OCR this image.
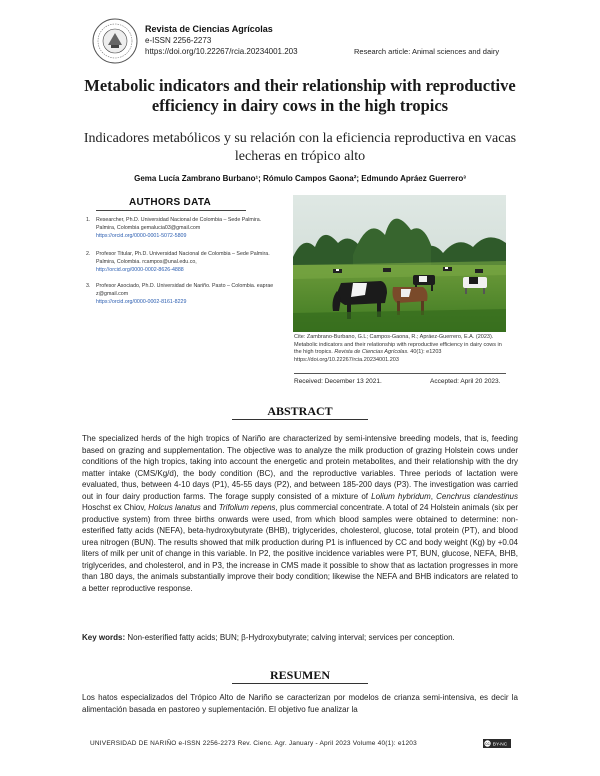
Revista de Ciencias Agrícolas
e-ISSN 2256-2273
https://doi.org/10.22267/rcia.20234001.203	Research article: Animal sciences and dairy
Metabolic indicators and their relationship with reproductive efficiency in dairy cows in the high tropics
Indicadores metabólicos y su relación con la eficiencia reproductiva en vacas lecheras en trópico alto
Gema Lucía Zambrano Burbano¹; Rómulo Campos Gaona²; Edmundo Apráez Guerrero³
AUTHORS DATA
1. Researcher, Ph.D. Universidad Nacional de Colombia – Sede Palmira. Palmira, Colombia gemalucia03@gmail.com
https://orcid.org/0000-0001-5072-5809
2. Profesor Titular, Ph.D. Universidad Nacional de Colombia – Sede Palmira. Palmira, Colombia. rcampos@unal.edu.co,
http://orcid.org/0000-0002-8626-4888
3. Profesor Asociado, Ph.D. Universidad de Nariño. Pasto – Colombia. eaprae z@gmail.com
https://orcid.org/0000-0002-8161-8229
Cite: Zambrano-Burbano, G.L; Campos-Gaona, R.; Apráez-Guerrero, E.A. (2023). Metabolic indicators and their relationship with reproductive efficiency in dairy cows in the high tropics. Revista de Ciencias Agrícolas. 40(1): e1203
https://doi.org/10.22267/rcia.20234001.203
Received: December 13 2021.	Accepted: April 20 2023.
ABSTRACT
The specialized herds of the high tropics of Nariño are characterized by semi-intensive breeding models, that is, feeding based on grazing and supplementation. The objective was to analyze the milk production of grazing Holstein cows under conditions of the high tropics, taking into account the energetic and protein metabolites, and their relationship with the dry matter intake (CMS/Kg/d), the body condition (BC), and the reproductive variables. Three periods of lactation were evaluated, thus, between 4-10 days (P1), 45-55 days (P2), and between 185-200 days (P3). The investigation was carried out in four dairy production farms. The forage supply consisted of a mixture of Lolium hybridum, Cenchrus clandestinus Hoschst ex Chiov, Holcus lanatus and Trifolium repens, plus commercial concentrate. A total of 24 Holstein animals (six per productive system) from three births onwards were used, from which blood samples were obtained to determine: non-esterified fatty acids (NEFA), beta-hydroxybutyrate (BHB), triglycerides, cholesterol, glucose, total protein (PT), and blood urea nitrogen (BUN). The results showed that milk production during P1 is influenced by CC and body weight (Kg) by +0.04 liters of milk per unit of change in this variable. In P2, the positive incidence variables were PT, BUN, glucose, NEFA, BHB, triglycerides, and cholesterol, and in P3, the increase in CMS made it possible to show that as lactation progresses in more than 180 days, the animals substantially improve their body condition; likewise the NEFA and BHB indicators are related to a better reproductive response.
Key words: Non-esterified fatty acids; BUN; β-Hydroxybutyrate; calving interval; services per conception.
RESUMEN
Los hatos especializados del Trópico Alto de Nariño se caracterizan por modelos de crianza semi-intensiva, es decir la alimentación basada en pastoreo y suplementación. El objetivo fue analizar la
UNIVERSIDAD DE NARIÑO e-ISSN 2256-2273 Rev. Cienc. Agr. January - April 2023 Volume 40(1): e1203	cc BY-NC
